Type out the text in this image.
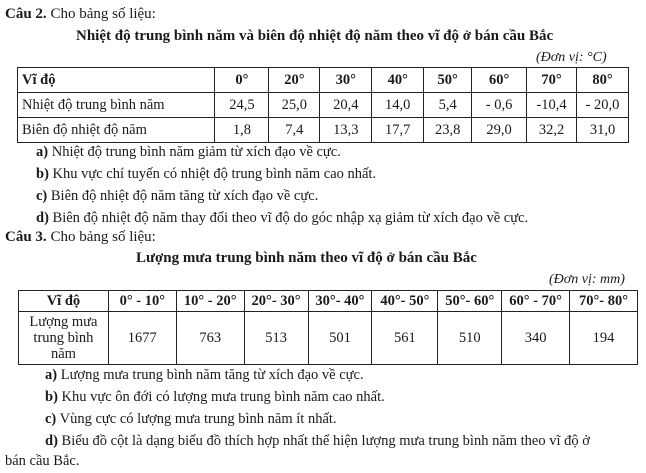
Câu 2. Cho bảng số liệu:
Nhiệt độ trung bình năm và biên độ nhiệt độ năm theo vĩ độ ở bán cầu Bắc
(Đơn vị: °C)
Vĩ độ	0°	20°	30°	40°	50°	60°	70°	80°
Nhiệt độ trung bình năm	24,5	25,0	20,4	14,0	5,4	- 0,6	-10,4	- 20,0
Biên độ nhiệt độ năm	1,8	7,4	13,3	17,7	23,8	29,0	32,2	31,0
a) Nhiệt độ trung bình năm giảm từ xích đạo về cực.
b) Khu vực chí tuyến có nhiệt độ trung bình năm cao nhất.
c) Biên độ nhiệt độ năm tăng từ xích đạo về cực.
d) Biên độ nhiệt độ năm thay đổi theo vĩ độ do góc nhập xạ giảm từ xích đạo về cực.
Câu 3. Cho bảng số liệu:
Lượng mưa trung bình năm theo vĩ độ ở bán cầu Bắc
(Đơn vị: mm)
Vĩ độ	0° - 10°	10° - 20°	20°- 30°	30°- 40°	40°- 50°	50°- 60°	60° - 70°	70°- 80°

Lượng mưa
trung bình
năm	1677	763	513	501	561	510	340	194
a) Lượng mưa trung bình năm tăng từ xích đạo về cực.
b) Khu vực ôn đới có lượng mưa trung bình năm cao nhất.
c) Vùng cực có lượng mưa trung bình năm ít nhất.
d) Biểu đồ cột là dạng biểu đồ thích hợp nhất thể hiện lượng mưa trung bình năm theo vĩ độ ở
bán cầu Bắc.
